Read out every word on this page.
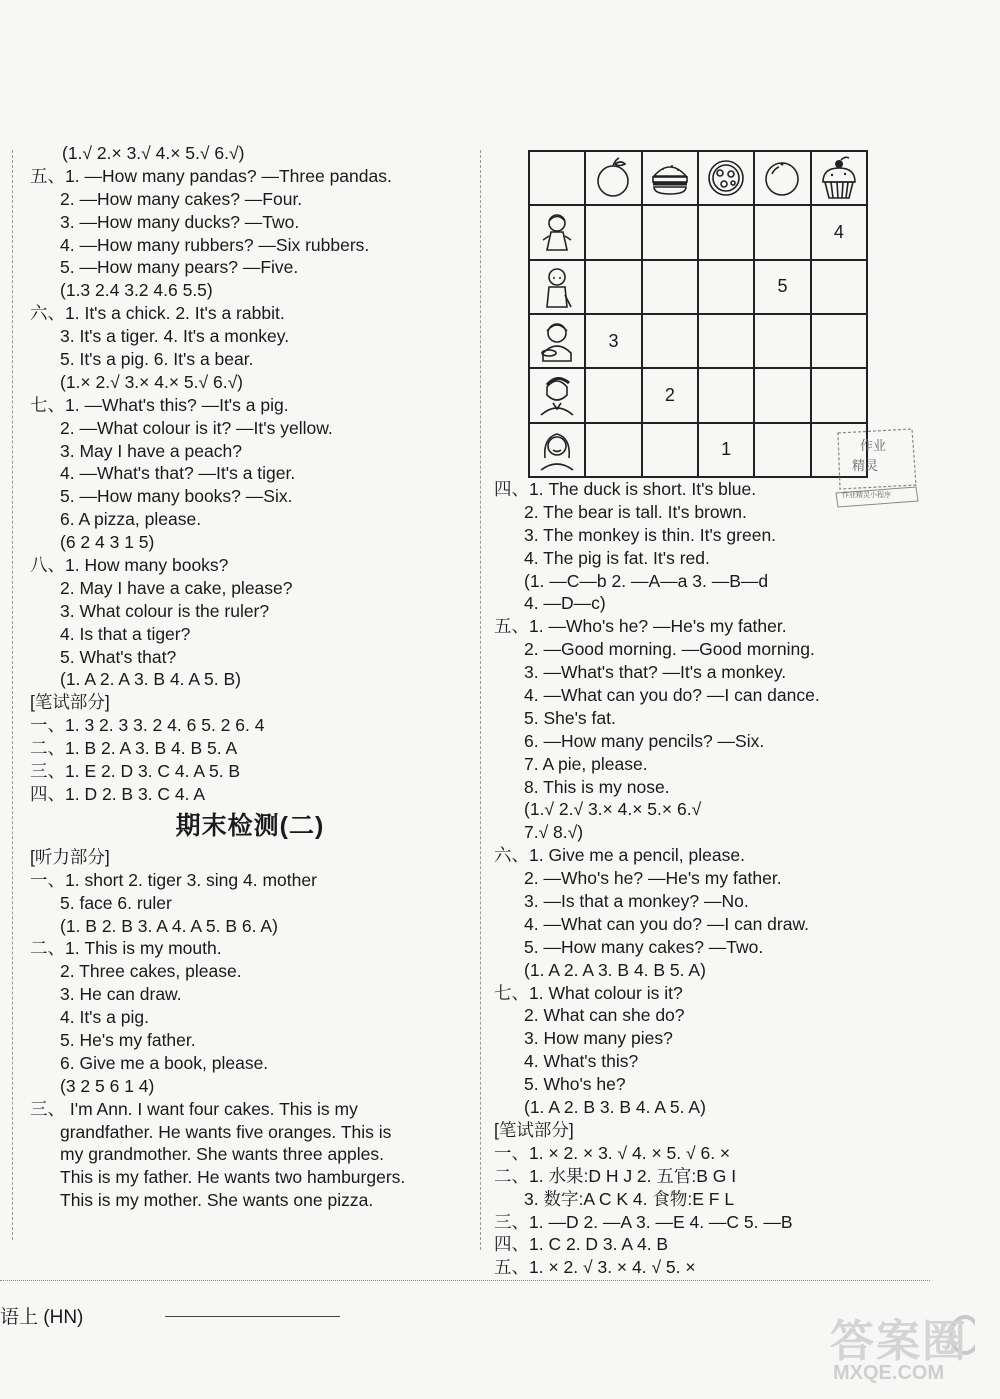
(1.√ 2.× 3.√ 4.× 5.√ 6.√)
五、1. —How many pandas? —Three pandas.
2. —How many cakes? —Four.
3. —How many ducks? —Two.
4. —How many rubbers? —Six rubbers.
5. —How many pears? —Five.
(1.3 2.4 3.2 4.6 5.5)
六、1. It's a chick. 2. It's a rabbit.
3. It's a tiger. 4. It's a monkey.
5. It's a pig. 6. It's a bear.
(1.× 2.√ 3.× 4.× 5.√ 6.√)
七、1. —What's this? —It's a pig.
2. —What colour is it? —It's yellow.
3. May I have a peach?
4. —What's that? —It's a tiger.
5. —How many books? —Six.
6. A pizza, please.
(6 2 4 3 1 5)
八、1. How many books?
2. May I have a cake, please?
3. What colour is the ruler?
4. Is that a tiger?
5. What's that?
(1. A 2. A 3. B 4. A 5. B)
[笔试部分]
一、1. 3 2. 3 3. 2 4. 6 5. 2 6. 4
二、1. B 2. A 3. B 4. B 5. A
三、1. E 2. D 3. C 4. A 5. B
四、1. D 2. B 3. C 4. A
期末检测(二)
[听力部分]
一、1. short 2. tiger 3. sing 4. mother
5. face 6. ruler
(1. B 2. B 3. A 4. A 5. B 6. A)
二、1. This is my mouth.
2. Three cakes, please.
3. He can draw.
4. It's a pig.
5. He's my father.
6. Give me a book, please.
(3 2 5 6 1 4)
三、 I'm Ann. I want four cakes. This is my
grandfather. He wants five oranges. This is
my grandmother. She wants three apples.
This is my father. He wants two hamburgers.
This is my mother. She wants one pizza.

					4

				5	

	3				

		2			

			1			作业
精灵
作业精灵小程序
四、1. The duck is short. It's blue.
2. The bear is tall. It's brown.
3. The monkey is thin. It's green.
4. The pig is fat. It's red.
(1. —C—b 2. —A—a 3. —B—d
4. —D—c)
五、1. —Who's he? —He's my father.
2. —Good morning. —Good morning.
3. —What's that? —It's a monkey.
4. —What can you do? —I can dance.
5. She's fat.
6. —How many pencils? —Six.
7. A pie, please.
8. This is my nose.
(1.√ 2.√ 3.× 4.× 5.× 6.√
7.√ 8.√)
六、1. Give me a pencil, please.
2. —Who's he? —He's my father.
3. —Is that a monkey? —No.
4. —What can you do? —I can draw.
5. —How many cakes? —Two.
(1. A 2. A 3. B 4. B 5. A)
七、1. What colour is it?
2. What can she do?
3. How many pies?
4. What's this?
5. Who's he?
(1. A 2. B 3. B 4. A 5. A)
[笔试部分]
一、1. × 2. × 3. √ 4. × 5. √ 6. ×
二、1. 水果:D H J 2. 五官:B G I
3. 数字:A C K 4. 食物:E F L
三、1. —D 2. —A 3. —E 4. —C 5. —B
四、1. C 2. D 3. A 4. B
五、1. × 2. √ 3. × 4. √ 5. ×
语上 (HN)	答案圈
MXQE.COM
